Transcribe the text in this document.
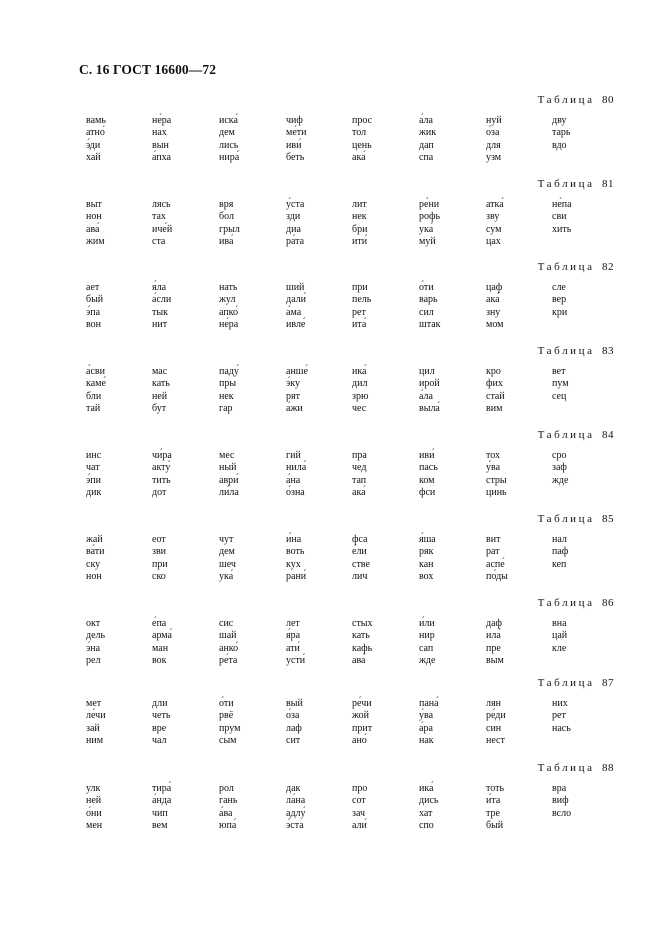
С. 16 ГОСТ 16600—72
Таблица 80
вамь
атно́
э́ди
хай
не́ра
нах
вын
а́пха
иска́
дем
лись
нира́
чиф
ме́ти
иви́
беть
прос
тол
цень
ака́
а́ла
жик
дап
спа
нуй
о́за
для
узм
дву
тарь
вдо
Таблица 81
выт
нон
ава́
жим
лясь
тах
иче́й
ста
вря
бол
грыл
ива́
у́ста
зди
диа
ра́та
лит
нек
бри
ити́
ре́ни
рофь
ука́
муй
атка́
зву
сум
цах
не́па
сви
хить
Таблица 82
ает
бый
э́па
вон
я́ла
а́сли
тык
нит
нать
жул
апко́
не́ра
ший
дали́
а́ма
ивле́
при
пель
рет
ита́
о́ти
варь
сил
штак
цаф
ака́
зну
мом
сле
вер
кри
Таблица 83
а́сви
каме́
бли
тай
мас
кать
ней
бут
паду́
пры
нек
гар
анше́
э́ку
рят
а́жи
ика́
дил
зрю
чес
цил
ирой
а́ла
выла́
кро
фих
стай
вим
вет
пум
сец
Таблица 84
инс
чат
э́пи
дик
чи́ра
акту́
тить
дот
мес
ный
аври́
ли́ла
гий
нила́
а́на
о́зна
пра
чед
тап
ака́
иви́
пась
ком
фси
тох
у́ва
стры
цинь
сро
заф
жде
Таблица 85
жай
ва́ти
ску
нон
еот
зви
при
ско
чут
дем
шеч
ука́
и́на
воть
кух
рани́
фса
е́ли
стве
лич
я́ша
ряк
кан
вох
вит
рат
аспе́
по́ды
нал
паф
кеп
Таблица 86
окт
дель
э́на
рел
е́па
арма́
ман
вок
сис
шай
анко́
ре́та
лет
я́ра
ати́
усти́
стых
кать
кафь
ава́
и́ли
нир
сап
жде
даф
ила́
пре
вым
вна
цай
кле
Таблица 87
мет
ле́чи
зай
ним
дли
четь
вре
чал
о́ти
рвё
прум
сым
вый
о́за
лаф
сит
ре́чи
жой
прит
ано́
пана́
у́ва
а́ра
нак
лян
ре́ди
син
нест
них
рет
нась
Таблица 88
улк
ней
о́ни
мен
тира́
а́нда
чип
вем
рол
гань
а́ва
юпа́
дак
ла́на
адлу́
э́ста
про
сот
зач
али́
ика́
дись
хат
спо
тоть
и́та
тре
бый
вра
виф
всло
